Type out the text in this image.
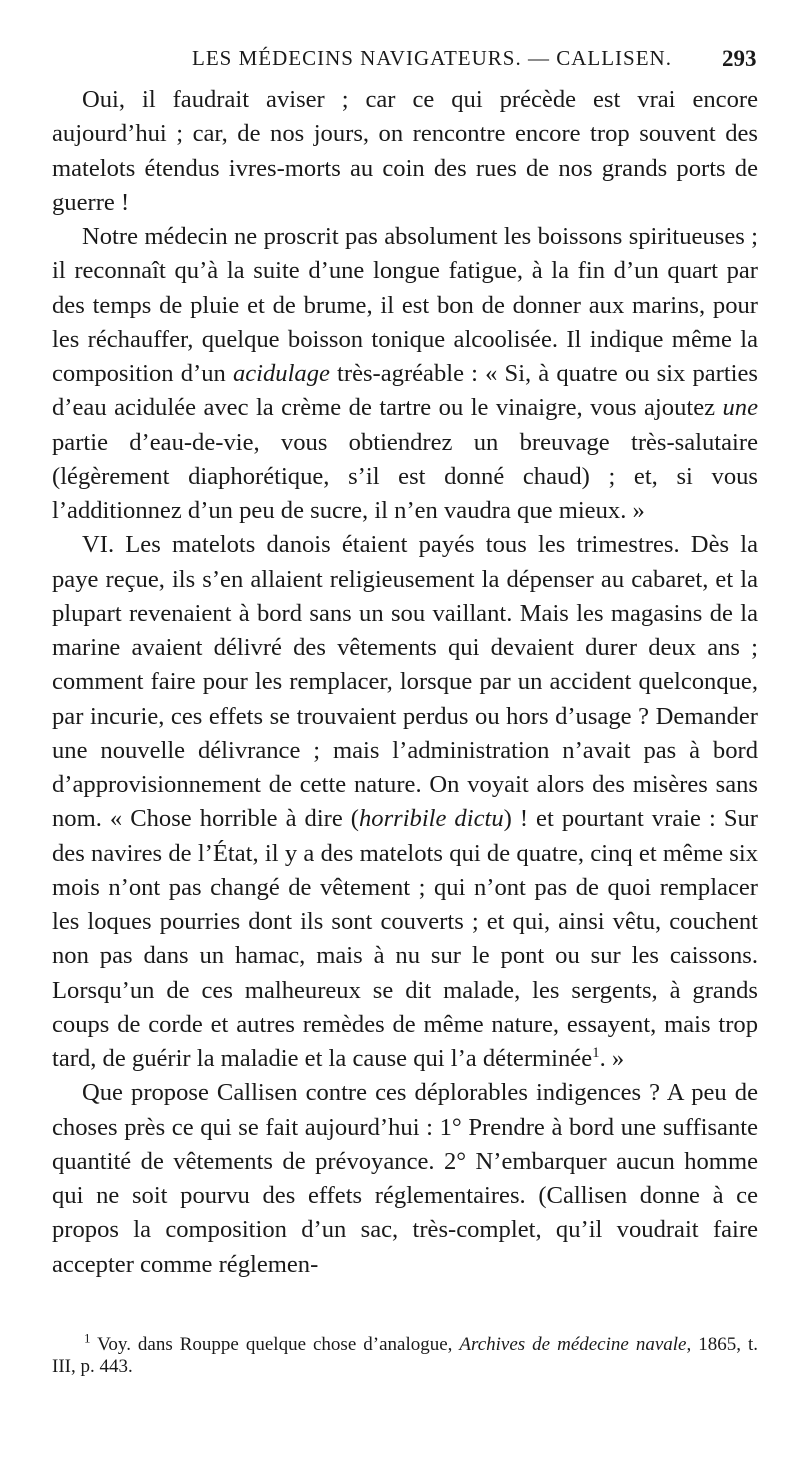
LES MÉDECINS NAVIGATEURS. — CALLISEN. 293

Oui, il faudrait aviser ; car ce qui précède est vrai encore aujourd’hui ; car, de nos jours, on rencontre encore trop souvent des matelots étendus ivres-morts au coin des rues de nos grands ports de guerre !

Notre médecin ne proscrit pas absolument les boissons spiritueuses ; il reconnaît qu’à la suite d’une longue fatigue, à la fin d’un quart par des temps de pluie et de brume, il est bon de donner aux marins, pour les réchauffer, quelque boisson tonique alcoolisée. Il indique même la composition d’un acidulage très-agréable : « Si, à quatre ou six parties d’eau acidulée avec la crème de tartre ou le vinaigre, vous ajoutez une partie d’eau-de-vie, vous obtiendrez un breuvage très-salutaire (légèrement diaphorétique, s’il est donné chaud) ; et, si vous l’additionnez d’un peu de sucre, il n’en vaudra que mieux. »

VI. Les matelots danois étaient payés tous les trimestres. Dès la paye reçue, ils s’en allaient religieusement la dépenser au cabaret, et la plupart revenaient à bord sans un sou vaillant. Mais les magasins de la marine avaient délivré des vêtements qui devaient durer deux ans ; comment faire pour les remplacer, lorsque par un accident quelconque, par incurie, ces effets se trouvaient perdus ou hors d’usage ? Demander une nouvelle délivrance ; mais l’administration n’avait pas à bord d’approvisionnement de cette nature. On voyait alors des misères sans nom. « Chose horrible à dire (horribile dictu) ! et pourtant vraie : Sur des navires de l’État, il y a des matelots qui de quatre, cinq et même six mois n’ont pas changé de vêtement ; qui n’ont pas de quoi remplacer les loques pourries dont ils sont couverts ; et qui, ainsi vêtu, couchent non pas dans un hamac, mais à nu sur le pont ou sur les caissons. Lorsqu’un de ces malheureux se dit malade, les sergents, à grands coups de corde et autres remèdes de même nature, essayent, mais trop tard, de guérir la maladie et la cause qui l’a déterminée$^1$. »

Que propose Callisen contre ces déplorables indigences ? A peu de choses près ce qui se fait aujourd’hui : 1° Prendre à bord une suffisante quantité de vêtements de prévoyance. 2° N’embarquer aucun homme qui ne soit pourvu des effets réglementaires. (Callisen donne à ce propos la composition d’un sac, très-complet, qu’il voudrait faire accepter comme réglemen-

$^1$ Voy. dans Rouppe quelque chose d’analogue, Archives de médecine navale, 1865, t. III, p. 443.
